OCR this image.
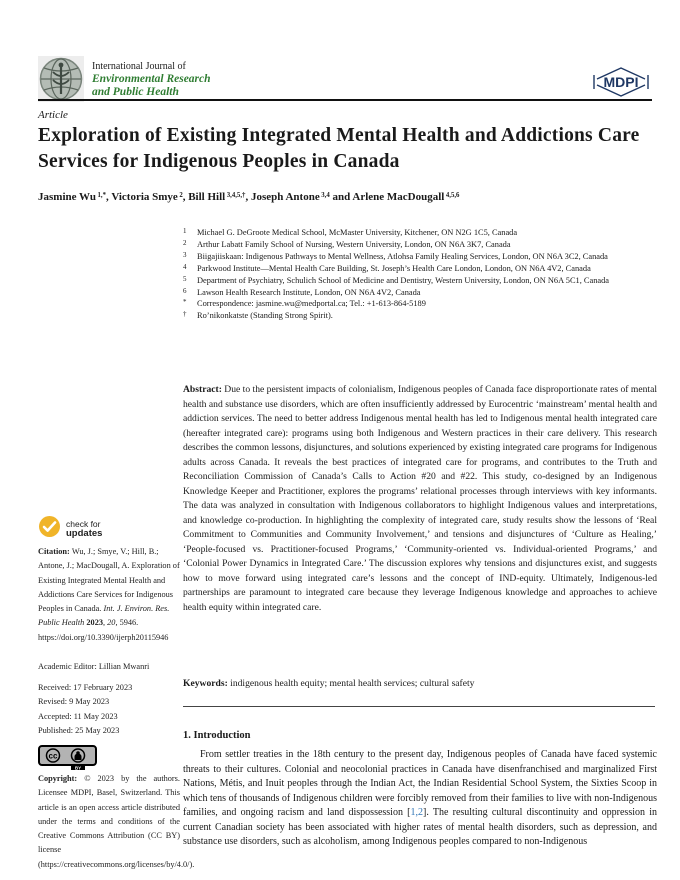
International Journal of
Environmental Research
and Public Health
MDPI
Article
Exploration of Existing Integrated Mental Health and Addictions Care Services for Indigenous Peoples in Canada
Jasmine Wu $^{1,*}$, Victoria Smye $^2$, Bill Hill $^{3,4,5,\dagger}$, Joseph Antone $^{3,4}$ and Arlene MacDougall $^{4,5,6}$
1 Michael G. DeGroote Medical School, McMaster University, Kitchener, ON N2G 1C5, Canada
2 Arthur Labatt Family School of Nursing, Western University, London, ON N6A 3K7, Canada
3 Biigajiiskaan: Indigenous Pathways to Mental Wellness, Atlohsa Family Healing Services, London, ON N6A 3C2, Canada
4 Parkwood Institute—Mental Health Care Building, St. Joseph’s Health Care London, London, ON N6A 4V2, Canada
5 Department of Psychiatry, Schulich School of Medicine and Dentistry, Western University, London, ON N6A 5C1, Canada
6 Lawson Health Research Institute, London, ON N6A 4V2, Canada
* Correspondence: jasmine.wu@medportal.ca; Tel.: +1-613-864-5189
† Ro’nikonkatste (Standing Strong Spirit).
Abstract: Due to the persistent impacts of colonialism, Indigenous peoples of Canada face disproportionate rates of mental health and substance use disorders, which are often insufficiently addressed by Eurocentric ‘mainstream’ mental health and addiction services. The need to better address Indigenous mental health has led to Indigenous mental health integrated care (hereafter integrated care): programs using both Indigenous and Western practices in their care delivery. This research describes the common lessons, disjunctures, and solutions experienced by existing integrated care programs for Indigenous adults across Canada. It reveals the best practices of integrated care for programs, and contributes to the Truth and Reconciliation Commission of Canada’s Calls to Action #20 and #22. This study, co-designed by an Indigenous Knowledge Keeper and Practitioner, explores the programs’ relational processes through interviews with key informants. The data was analyzed in consultation with Indigenous collaborators to highlight Indigenous values and interpretations, and knowledge co-production. In highlighting the complexity of integrated care, study results show the lessons of ‘Real Commitment to Communities and Community Involvement,’ and tensions and disjunctures of ‘Culture as Healing,’ ‘People-focused vs. Practitioner-focused Programs,’ ‘Community-oriented vs. Individual-oriented Programs,’ and ‘Colonial Power Dynamics in Integrated Care.’ The discussion explores why tensions and disjunctures exist, and suggests how to move forward using integrated care’s lessons and the concept of IND-equity. Ultimately, Indigenous-led partnerships are paramount to integrated care because they leverage Indigenous knowledge and approaches to achieve health equity within integrated care.
Keywords: indigenous health equity; mental health services; cultural safety
1. Introduction
From settler treaties in the 18th century to the present day, Indigenous peoples of Canada have faced systemic threats to their cultures. Colonial and neocolonial practices in Canada have disenfranchised and marginalized First Nations, Métis, and Inuit peoples through the Indian Act, the Indian Residential School System, the Sixties Scoop in which tens of thousands of Indigenous children were forcibly removed from their families to live with non-Indigenous families, and ongoing racism and land dispossession [1,2]. The resulting cultural discontinuity and oppression in current Canadian society has been associated with higher rates of mental health disorders, such as depression, and substance use disorders, such as alcoholism, among Indigenous peoples compared to non-Indigenous
check for
updates
Citation: Wu, J.; Smye, V.; Hill, B.; Antone, J.; MacDougall, A. Exploration of Existing Integrated Mental Health and Addictions Care Services for Indigenous Peoples in Canada. Int. J. Environ. Res. Public Health 2023, 20, 5946. https://doi.org/10.3390/ijerph20115946
Academic Editor: Lillian Mwanri
Received: 17 February 2023
Revised: 9 May 2023
Accepted: 11 May 2023
Published: 25 May 2023
cc
BY
Copyright: © 2023 by the authors. Licensee MDPI, Basel, Switzerland. This article is an open access article distributed under the terms and conditions of the Creative Commons Attribution (CC BY) license (https://creativecommons.org/licenses/by/4.0/).
